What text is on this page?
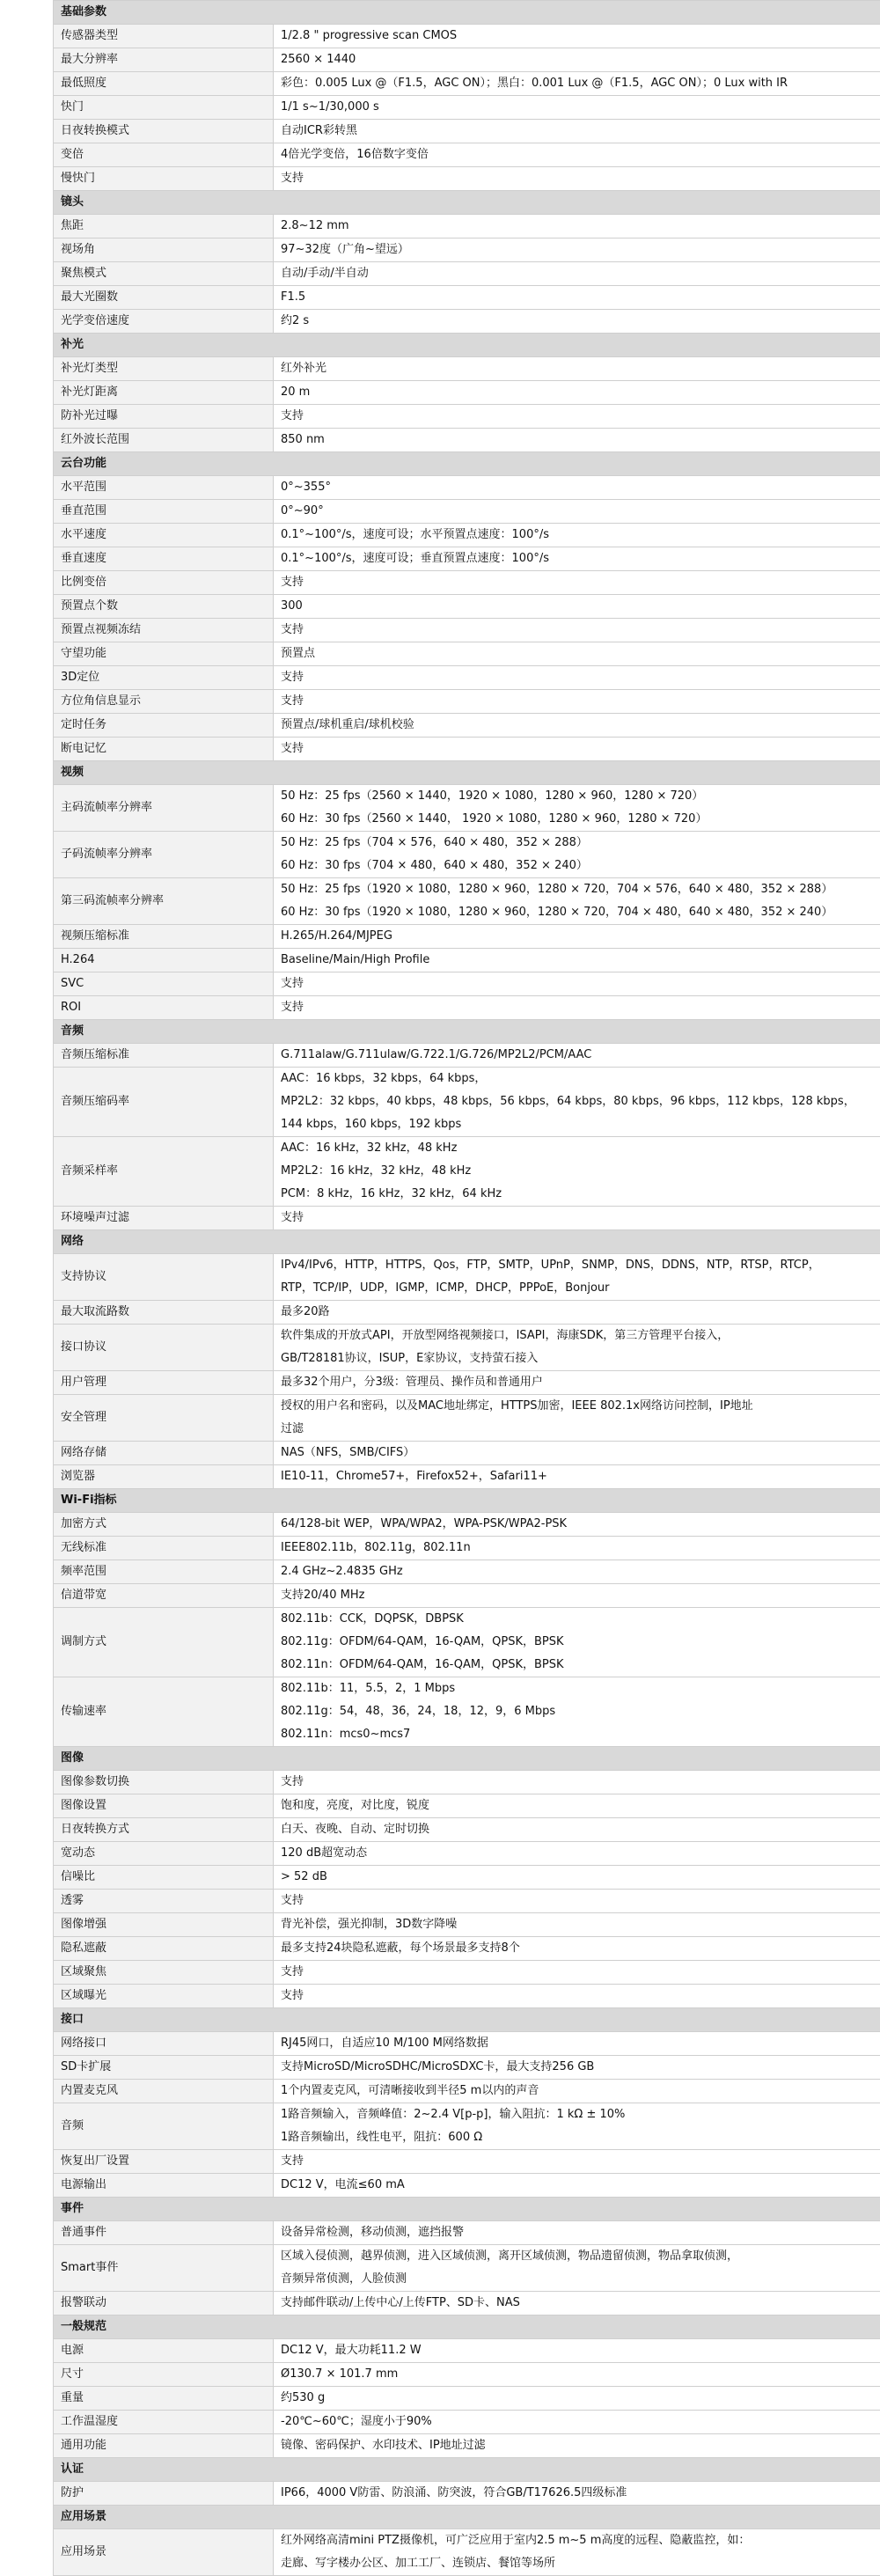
基础参数	
传感器类型	1/2.8 " progressive scan CMOS

最大分辨率	2560 × 1440

最低照度	彩色：0.005 Lux @（F1.5，AGC ON）；黑白：0.001 Lux @（F1.5，AGC ON）；0 Lux with IR

快门	1/1 s~1/30,000 s

日夜转换模式	自动ICR彩转黑

变倍	4倍光学变倍，16倍数字变倍

慢快门	支持

镜头	
焦距	2.8~12 mm

视场角	97~32度（广角~望远）

聚焦模式	自动/手动/半自动

最大光圈数	F1.5

光学变倍速度	约2 s

补光	
补光灯类型	红外补光

补光灯距离	20 m

防补光过曝	支持

红外波长范围	850 nm

云台功能	
水平范围	0°~355°

垂直范围	0°~90°

水平速度	0.1°~100°/s，速度可设；水平预置点速度：100°/s

垂直速度	0.1°~100°/s，速度可设；垂直预置点速度：100°/s

比例变倍	支持

预置点个数	300

预置点视频冻结	支持

守望功能	预置点

3D定位	支持

方位角信息显示	支持

定时任务	预置点/球机重启/球机校验

断电记忆	支持

视频	
主码流帧率分辨率	50 Hz：25 fps（2560 × 1440，1920 × 1080，1280 × 960，1280 × 720）
60 Hz：30 fps（2560 × 1440， 1920 × 1080，1280 × 960，1280 × 720）

子码流帧率分辨率	50 Hz：25 fps（704 × 576，640 × 480，352 × 288）
60 Hz：30 fps（704 × 480，640 × 480，352 × 240）

第三码流帧率分辨率	50 Hz：25 fps（1920 × 1080，1280 × 960，1280 × 720，704 × 576，640 × 480，352 × 288）
60 Hz：30 fps（1920 × 1080，1280 × 960，1280 × 720，704 × 480，640 × 480，352 × 240）

视频压缩标准	H.265/H.264/MJPEG

H.264	Baseline/Main/High Profile

SVC	支持

ROI	支持

音频	
音频压缩标准	G.711alaw/G.711ulaw/G.722.1/G.726/MP2L2/PCM/AAC

音频压缩码率	AAC：16 kbps，32 kbps，64 kbps，
MP2L2：32 kbps，40 kbps，48 kbps，56 kbps，64 kbps，80 kbps，96 kbps，112 kbps，128 kbps，
144 kbps，160 kbps，192 kbps

音频采样率	AAC：16 kHz，32 kHz，48 kHz
MP2L2：16 kHz，32 kHz，48 kHz
PCM：8 kHz，16 kHz，32 kHz，64 kHz

环境噪声过滤	支持

网络	
支持协议	IPv4/IPv6，HTTP，HTTPS，Qos，FTP，SMTP，UPnP，SNMP，DNS，DDNS，NTP，RTSP，RTCP，
RTP，TCP/IP，UDP，IGMP，ICMP，DHCP，PPPoE，Bonjour

最大取流路数	最多20路

接口协议	软件集成的开放式API，开放型网络视频接口，ISAPI，海康SDK，第三方管理平台接入，
GB/T28181协议，ISUP，E家协议，支持萤石接入

用户管理	最多32个用户，分3级：管理员、操作员和普通用户

安全管理	授权的用户名和密码，以及MAC地址绑定，HTTPS加密，IEEE 802.1x网络访问控制，IP地址
过滤

网络存储	NAS（NFS，SMB/CIFS）

浏览器	IE10-11，Chrome57+，Firefox52+，Safari11+

Wi-Fi指标	
加密方式	64/128-bit WEP，WPA/WPA2，WPA-PSK/WPA2-PSK

无线标准	IEEE802.11b，802.11g，802.11n

频率范围	2.4 GHz~2.4835 GHz

信道带宽	支持20/40 MHz

调制方式	802.11b：CCK，DQPSK，DBPSK
802.11g：OFDM/64-QAM，16-QAM，QPSK，BPSK
802.11n：OFDM/64-QAM，16-QAM，QPSK，BPSK

传输速率	802.11b：11，5.5，2，1 Mbps
802.11g：54，48，36，24，18，12，9，6 Mbps
802.11n：mcs0~mcs7

图像	
图像参数切换	支持

图像设置	饱和度，亮度，对比度，锐度

日夜转换方式	白天、夜晚、自动、定时切换

宽动态	120 dB超宽动态

信噪比	> 52 dB

透雾	支持

图像增强	背光补偿，强光抑制，3D数字降噪

隐私遮蔽	最多支持24块隐私遮蔽，每个场景最多支持8个

区域聚焦	支持

区域曝光	支持

接口	
网络接口	RJ45网口，自适应10 M/100 M网络数据

SD卡扩展	支持MicroSD/MicroSDHC/MicroSDXC卡，最大支持256 GB

内置麦克风	1个内置麦克风，可清晰接收到半径5 m以内的声音

音频	1路音频输入，音频峰值：2~2.4 V[p-p]，输入阻抗：1 kΩ ± 10%
1路音频输出，线性电平，阻抗：600 Ω

恢复出厂设置	支持

电源输出	DC12 V，电流≤60 mA

事件	
普通事件	设备异常检测，移动侦测，遮挡报警

Smart事件	区域入侵侦测，越界侦测，进入区域侦测，离开区域侦测，物品遗留侦测，物品拿取侦测，
音频异常侦测，人脸侦测

报警联动	支持邮件联动/上传中心/上传FTP、SD卡、NAS

一般规范	
电源	DC12 V，最大功耗11.2 W

尺寸	Ø130.7 × 101.7 mm

重量	约530 g

工作温湿度	-20℃~60℃；湿度小于90%

通用功能	镜像、密码保护、水印技术、IP地址过滤

认证	
防护	IP66，4000 V防雷、防浪涌、防突波，符合GB/T17626.5四级标准

应用场景	
应用场景	红外网络高清mini PTZ摄像机，可广泛应用于室内2.5 m~5 m高度的远程、隐蔽监控，如：
走廊、写字楼办公区、加工工厂、连锁店、餐馆等场所
